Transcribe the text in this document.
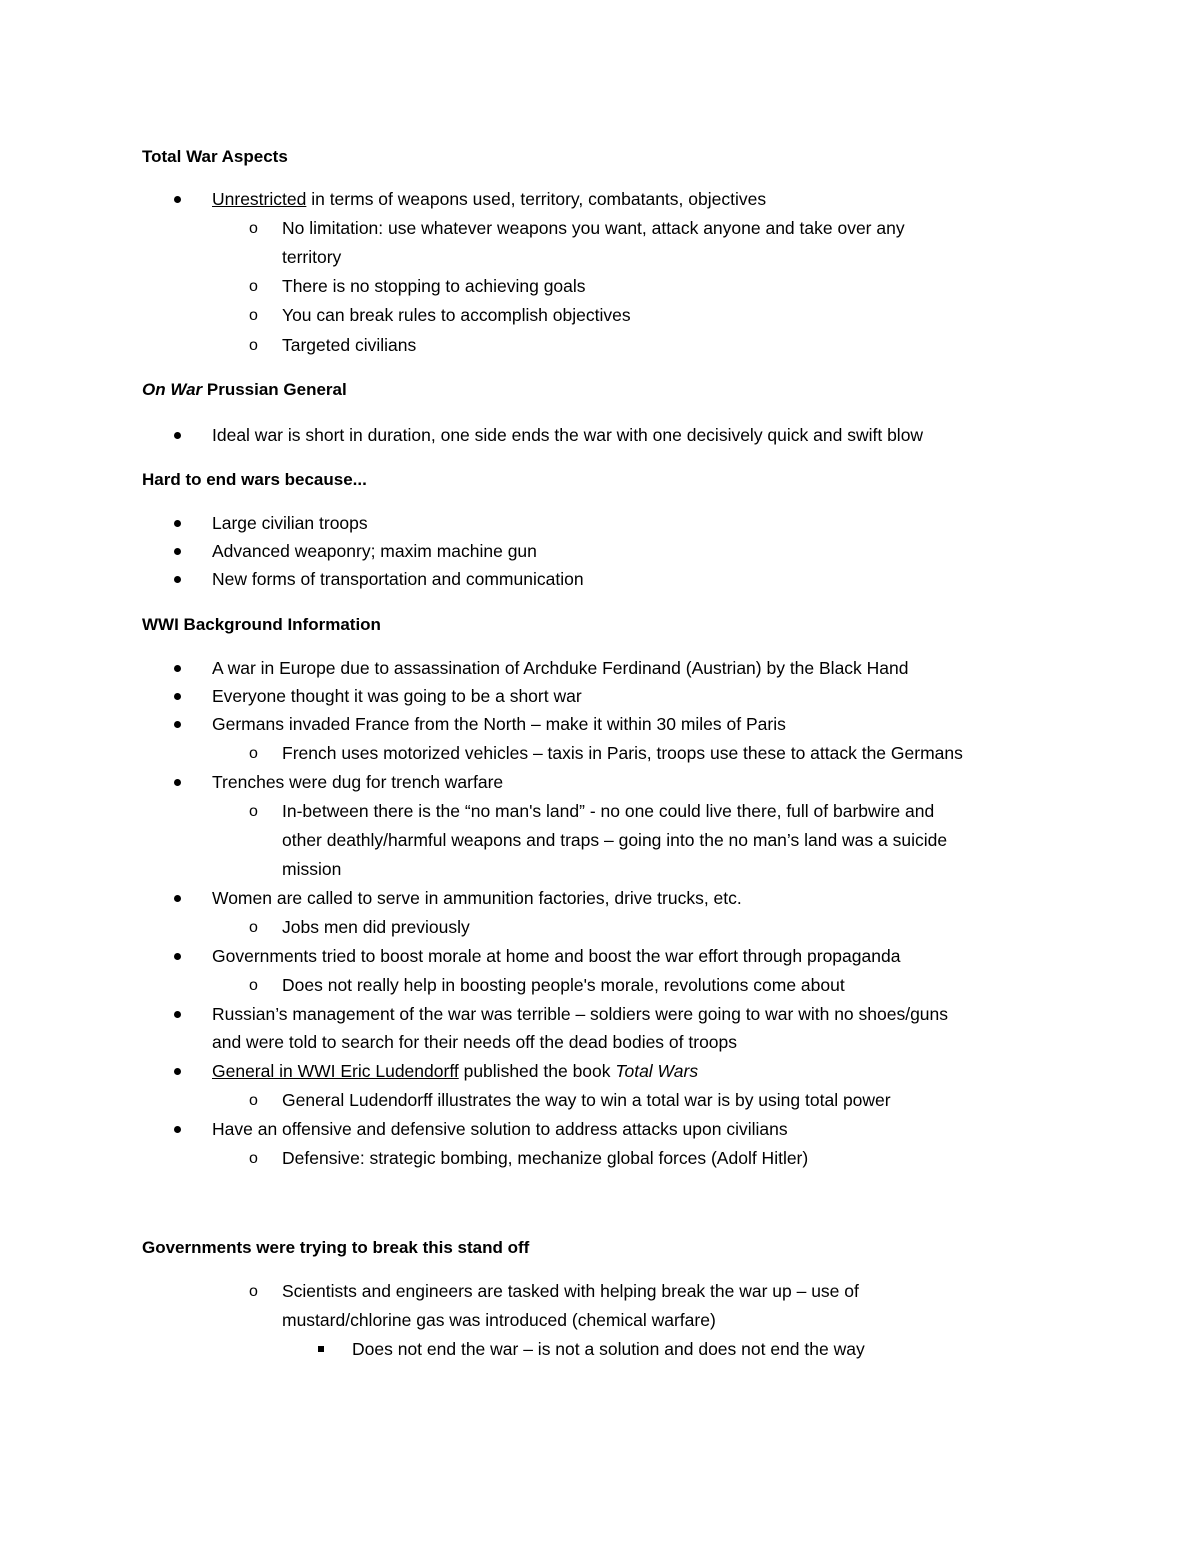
Total War Aspects
Unrestricted in terms of weapons used, territory, combatants, objectives
o No limitation: use whatever weapons you want, attack anyone and take over any
territory
o There is no stopping to achieving goals
o You can break rules to accomplish objectives
o Targeted civilians
On War Prussian General
Ideal war is short in duration, one side ends the war with one decisively quick and swift blow
Hard to end wars because...
Large civilian troops
Advanced weaponry; maxim machine gun
New forms of transportation and communication
WWI Background Information
A war in Europe due to assassination of Archduke Ferdinand (Austrian) by the Black Hand
Everyone thought it was going to be a short war
Germans invaded France from the North – make it within 30 miles of Paris
o French uses motorized vehicles – taxis in Paris, troops use these to attack the Germans
Trenches were dug for trench warfare
o In-between there is the “no man's land” - no one could live there, full of barbwire and
other deathly/harmful weapons and traps – going into the no man’s land was a suicide
mission
Women are called to serve in ammunition factories, drive trucks, etc.
o Jobs men did previously
Governments tried to boost morale at home and boost the war effort through propaganda
o Does not really help in boosting people's morale, revolutions come about
Russian’s management of the war was terrible – soldiers were going to war with no shoes/guns
and were told to search for their needs off the dead bodies of troops
General in WWI Eric Ludendorff published the book Total Wars
o General Ludendorff illustrates the way to win a total war is by using total power
Have an offensive and defensive solution to address attacks upon civilians
o Defensive: strategic bombing, mechanize global forces (Adolf Hitler)
Governments were trying to break this stand off
o Scientists and engineers are tasked with helping break the war up – use of
mustard/chlorine gas was introduced (chemical warfare)
Does not end the war – is not a solution and does not end the way
